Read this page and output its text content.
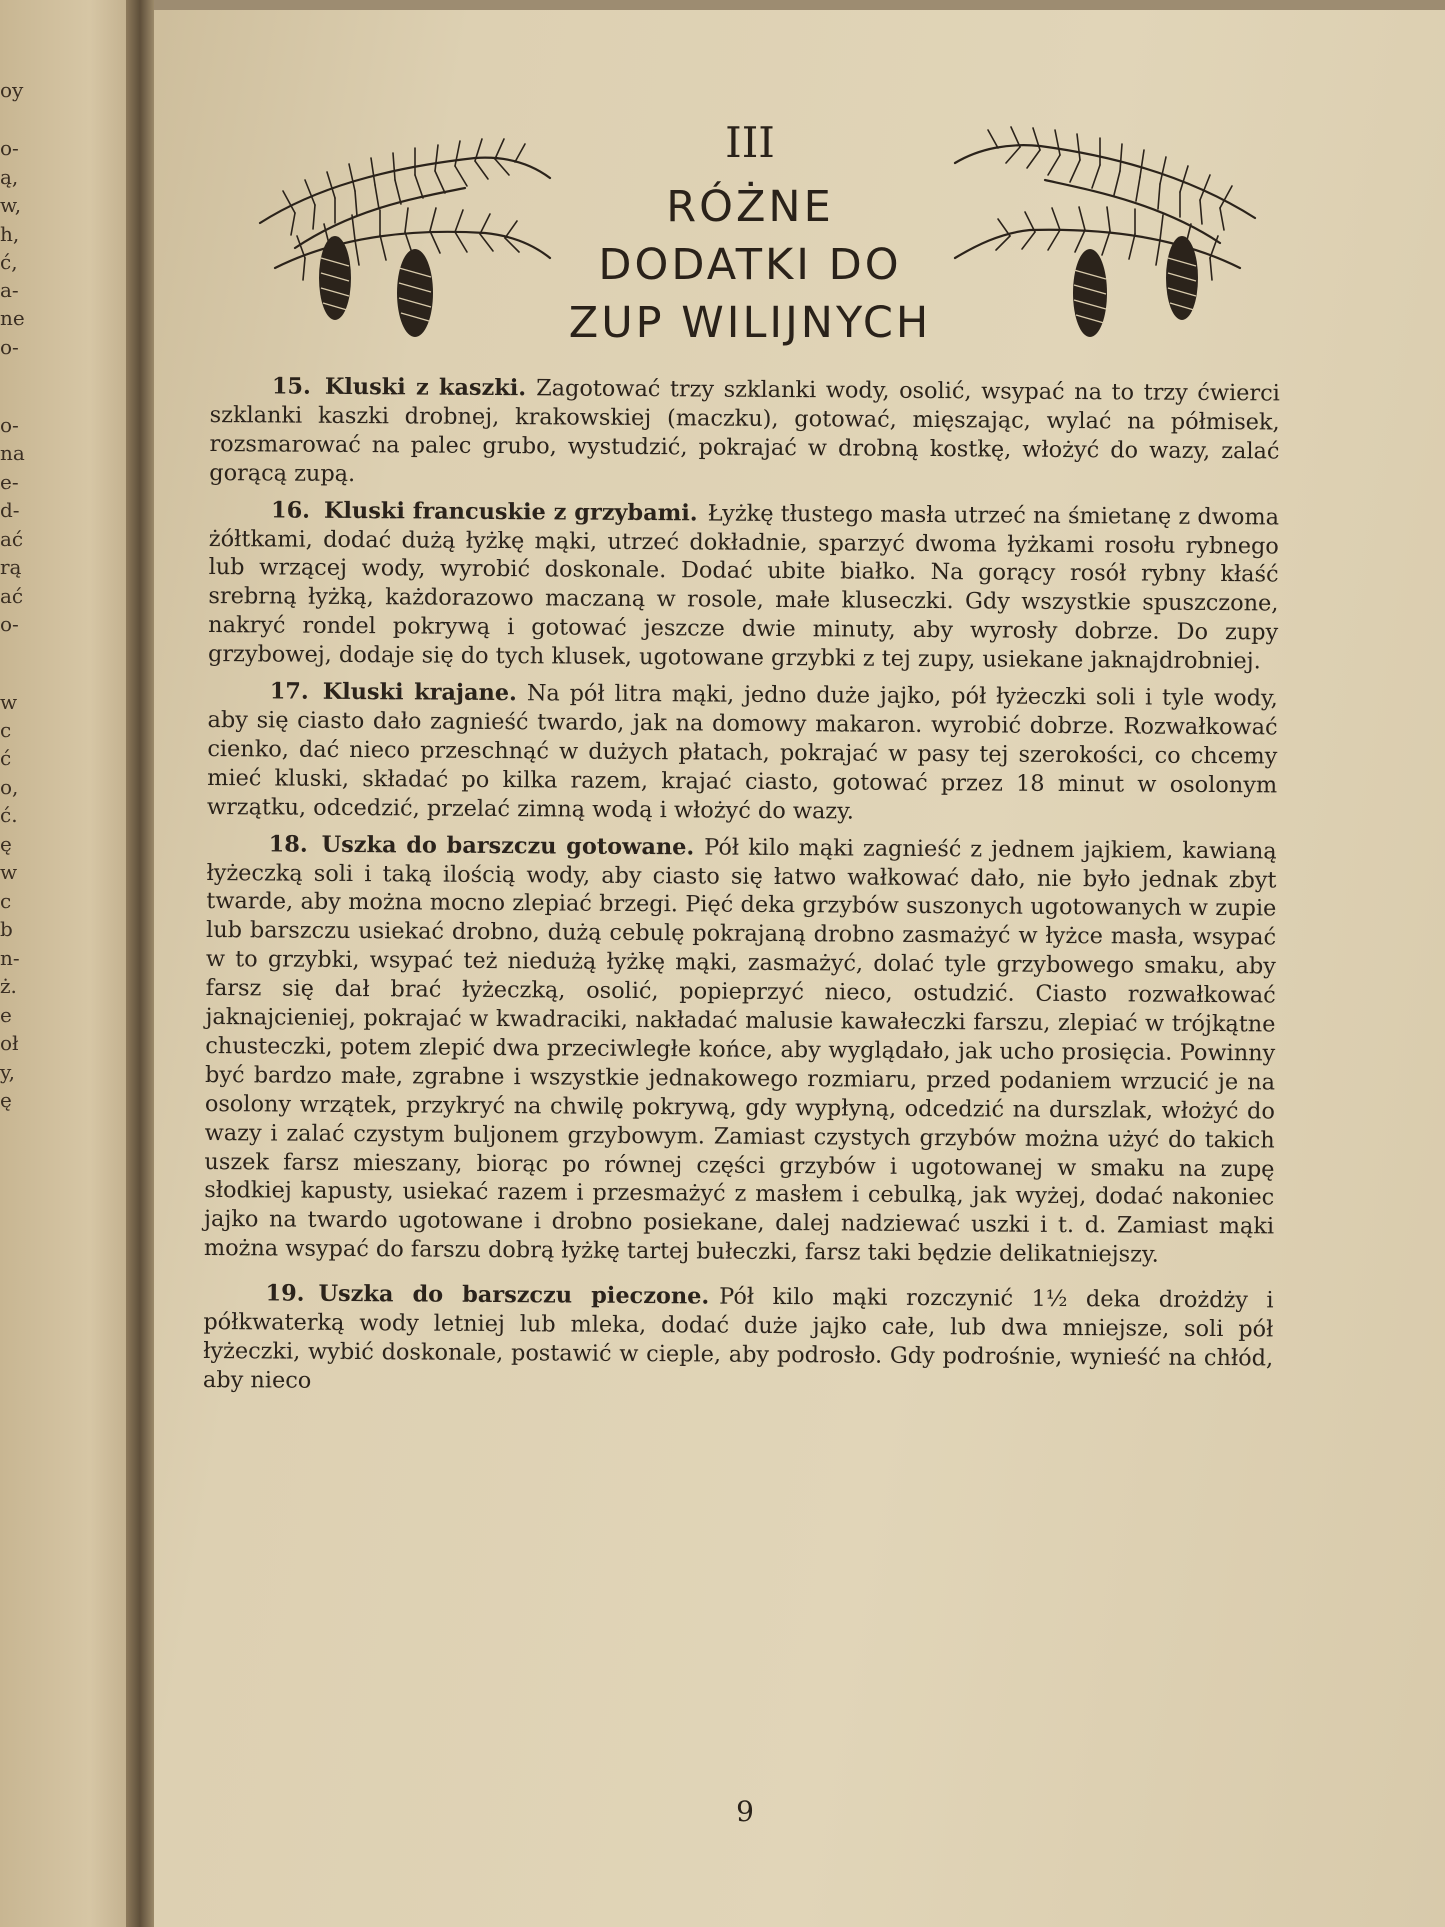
oy
o-
ą,
w,
h,
ć,
a-
ne
o-
o-
na
e-
d-
ać
rą
ać
o-
w
c
ć
o,
ć.
ę
w
c
b
n-
ż.
e
oł
y,
ę
III
RÓŻNE
DODATKI DO
ZUP WILIJNYCH

15. Kluski z kaszki. Zagotować trzy szklanki wody, osolić, wsypać na to trzy ćwierci szklanki kaszki drobnej, krakowskiej (maczku), gotować, mięszając, wylać na półmisek, rozsmarować na palec grubo, wystudzić, pokrajać w drobną kostkę, włożyć do wazy, zalać gorącą zupą.

16. Kluski francuskie z grzybami. Łyżkę tłustego masła utrzeć na śmietanę z dwoma żółtkami, dodać dużą łyżkę mąki, utrzeć dokładnie, sparzyć dwoma łyżkami rosołu rybnego lub wrzącej wody, wyrobić doskonale. Dodać ubite białko. Na gorący rosół rybny kłaść srebrną łyżką, każdorazowo maczaną w rosole, małe kluseczki. Gdy wszystkie spuszczone, nakryć rondel pokrywą i gotować jeszcze dwie minuty, aby wyrosły dobrze. Do zupy grzybowej, dodaje się do tych klusek, ugotowane grzybki z tej zupy, usiekane jaknajdrobniej.

17. Kluski krajane. Na pół litra mąki, jedno duże jajko, pół łyżeczki soli i tyle wody, aby się ciasto dało zagnieść twardo, jak na domowy makaron. wyrobić dobrze. Rozwałkować cienko, dać nieco przeschnąć w dużych płatach, pokrajać w pasy tej szerokości, co chcemy mieć kluski, składać po kilka razem, krajać ciasto, gotować przez 18 minut w osolonym wrzątku, odcedzić, przelać zimną wodą i włożyć do wazy.

18. Uszka do barszczu gotowane. Pół kilo mąki zagnieść z jednem jajkiem, kawianą łyżeczką soli i taką ilością wody, aby ciasto się łatwo wałkować dało, nie było jednak zbyt twarde, aby można mocno zlepiać brzegi. Pięć deka grzybów suszonych ugotowanych w zupie lub barszczu usiekać drobno, dużą cebulę pokrajaną drobno zasmażyć w łyżce masła, wsypać w to grzybki, wsypać też niedużą łyżkę mąki, zasmażyć, dolać tyle grzybowego smaku, aby farsz się dał brać łyżeczką, osolić, popieprzyć nieco, ostudzić. Ciasto rozwałkować jaknajcieniej, pokrajać w kwadraciki, nakładać malusie kawałeczki farszu, zlepiać w trójkątne chusteczki, potem zlepić dwa przeciwległe końce, aby wyglądało, jak ucho prosięcia. Powinny być bardzo małe, zgrabne i wszystkie jednakowego rozmiaru, przed podaniem wrzucić je na osolony wrzątek, przykryć na chwilę pokrywą, gdy wypłyną, odcedzić na durszlak, włożyć do wazy i zalać czystym buljonem grzybowym. Zamiast czystych grzybów można użyć do takich uszek farsz mieszany, biorąc po równej części grzybów i ugotowanej w smaku na zupę słodkiej kapusty, usiekać razem i przesmażyć z masłem i cebulką, jak wyżej, dodać nakoniec jajko na twardo ugotowane i drobno posiekane, dalej nadziewać uszki i t. d. Zamiast mąki można wsypać do farszu dobrą łyżkę tartej bułeczki, farsz taki będzie delikatniejszy.

19. Uszka do barszczu pieczone. Pół kilo mąki rozczynić 1½ deka drożdży i półkwaterką wody letniej lub mleka, dodać duże jajko całe, lub dwa mniejsze, soli pół łyżeczki, wybić doskonale, postawić w cieple, aby podrosło. Gdy podrośnie, wynieść na chłód, aby nieco

9
